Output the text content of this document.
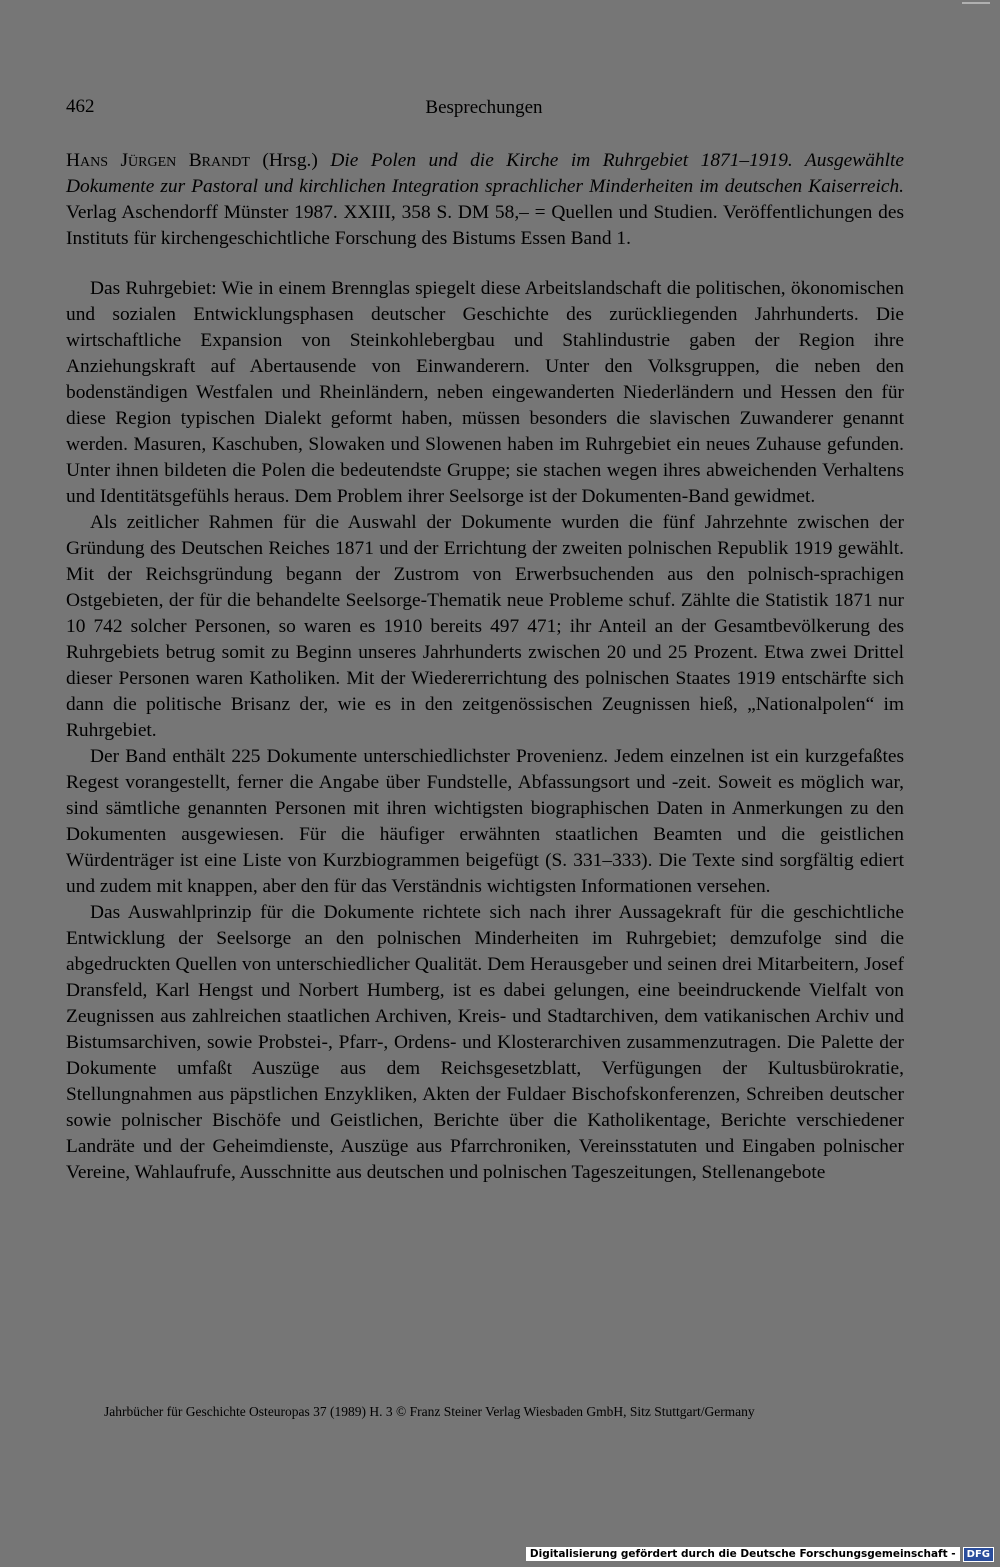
462	Besprechungen

Hans Jürgen Brandt (Hrsg.) Die Polen und die Kirche im Ruhrgebiet 1871–1919. Ausgewählte Dokumente zur Pastoral und kirchlichen Integration sprachlicher Minderheiten im deutschen Kaiserreich. Verlag Aschendorff Münster 1987. XXIII, 358 S. DM 58,– = Quellen und Studien. Veröffentlichungen des Instituts für kirchengeschichtliche Forschung des Bistums Essen Band 1.

Das Ruhrgebiet: Wie in einem Brennglas spiegelt diese Arbeitslandschaft die politischen, ökonomischen und sozialen Entwicklungsphasen deutscher Geschichte des zurückliegenden Jahrhunderts. Die wirtschaftliche Expansion von Steinkohlebergbau und Stahlindustrie gaben der Region ihre Anziehungskraft auf Abertausende von Einwanderern. Unter den Volksgruppen, die neben den bodenständigen Westfalen und Rheinländern, neben eingewanderten Niederländern und Hessen den für diese Region typischen Dialekt geformt haben, müssen besonders die slavischen Zuwanderer genannt werden. Masuren, Kaschuben, Slowaken und Slowenen haben im Ruhrgebiet ein neues Zuhause gefunden. Unter ihnen bildeten die Polen die bedeutendste Gruppe; sie stachen wegen ihres abweichenden Verhaltens und Identitätsgefühls heraus. Dem Problem ihrer Seelsorge ist der Dokumenten-Band gewidmet.

Als zeitlicher Rahmen für die Auswahl der Dokumente wurden die fünf Jahrzehnte zwischen der Gründung des Deutschen Reiches 1871 und der Errichtung der zweiten polnischen Republik 1919 gewählt. Mit der Reichsgründung begann der Zustrom von Erwerbsuchenden aus den polnisch-sprachigen Ostgebieten, der für die behandelte Seelsorge-Thematik neue Probleme schuf. Zählte die Statistik 1871 nur 10 742 solcher Personen, so waren es 1910 bereits 497 471; ihr Anteil an der Gesamtbevölkerung des Ruhrgebiets betrug somit zu Beginn unseres Jahrhunderts zwischen 20 und 25 Prozent. Etwa zwei Drittel dieser Personen waren Katholiken. Mit der Wiedererrichtung des polnischen Staates 1919 entschärfte sich dann die politische Brisanz der, wie es in den zeitgenössischen Zeugnissen hieß, „Nationalpolen“ im Ruhrgebiet.

Der Band enthält 225 Dokumente unterschiedlichster Provenienz. Jedem einzelnen ist ein kurzgefaßtes Regest vorangestellt, ferner die Angabe über Fundstelle, Abfassungsort und -zeit. Soweit es möglich war, sind sämtliche genannten Personen mit ihren wichtigsten biographischen Daten in Anmerkungen zu den Dokumenten ausgewiesen. Für die häufiger erwähnten staatlichen Beamten und die geistlichen Würdenträger ist eine Liste von Kurzbiogrammen beigefügt (S. 331–333). Die Texte sind sorgfältig ediert und zudem mit knappen, aber den für das Verständnis wichtigsten Informationen versehen.

Das Auswahlprinzip für die Dokumente richtete sich nach ihrer Aussagekraft für die geschichtliche Entwicklung der Seelsorge an den polnischen Minderheiten im Ruhrgebiet; demzufolge sind die abgedruckten Quellen von unterschiedlicher Qualität. Dem Herausgeber und seinen drei Mitarbeitern, Josef Dransfeld, Karl Hengst und Norbert Humberg, ist es dabei gelungen, eine beeindruckende Vielfalt von Zeugnissen aus zahlreichen staatlichen Archiven, Kreis- und Stadtarchiven, dem vatikanischen Archiv und Bistumsarchiven, sowie Probstei-, Pfarr-, Ordens- und Klosterarchiven zusammenzutragen. Die Palette der Dokumente umfaßt Auszüge aus dem Reichsgesetzblatt, Verfügungen der Kultusbürokratie, Stellungnahmen aus päpstlichen Enzykliken, Akten der Fuldaer Bischofskonferenzen, Schreiben deutscher sowie polnischer Bischöfe und Geistlichen, Berichte über die Katholikentage, Berichte verschiedener Landräte und der Geheimdienste, Auszüge aus Pfarrchroniken, Vereinsstatuten und Eingaben polnischer Vereine, Wahlaufrufe, Ausschnitte aus deutschen und polnischen Tageszeitungen, Stellenangebote

Jahrbücher für Geschichte Osteuropas 37 (1989) H. 3 © Franz Steiner Verlag Wiesbaden GmbH, Sitz Stuttgart/Germany
Digitalisierung gefördert durch die Deutsche Forschungsgemeinschaft -	DFG
